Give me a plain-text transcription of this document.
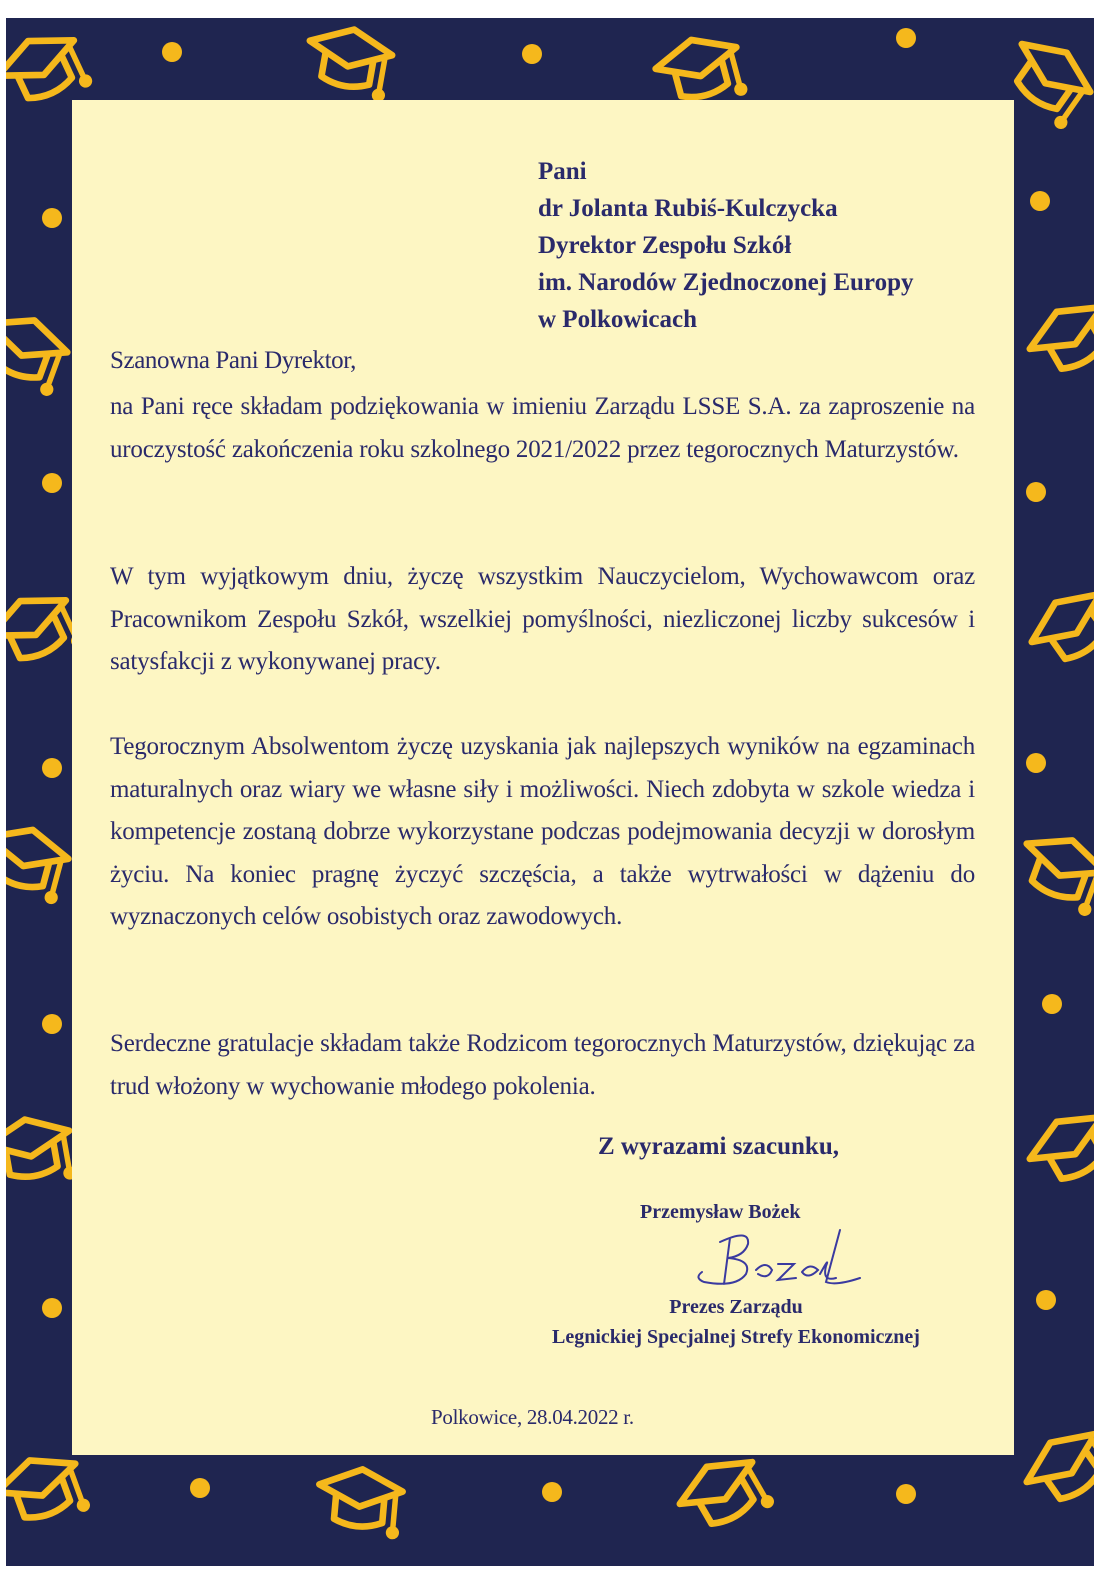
Pani
dr Jolanta Rubiś-Kulczycka
Dyrektor Zespołu Szkół
im. Narodów Zjednoczonej Europy
w Polkowicach
Szanowna Pani Dyrektor,
na Pani ręce składam podziękowania w imieniu Zarządu LSSE S.A. za zaproszenie na uroczystość zakończenia roku szkolnego 2021/2022 przez tegorocznych Maturzystów.
W tym wyjątkowym dniu, życzę wszystkim Nauczycielom, Wychowawcom oraz Pracownikom Zespołu Szkół, wszelkiej pomyślności, niezliczonej liczby sukcesów i satysfakcji z wykonywanej pracy.
Tegorocznym Absolwentom życzę uzyskania jak najlepszych wyników na egzaminach maturalnych oraz wiary we własne siły i możliwości. Niech zdobyta w szkole wiedza i kompetencje zostaną dobrze wykorzystane podczas podejmowania decyzji w dorosłym życiu. Na koniec pragnę życzyć szczęścia, a także wytrwałości w dążeniu do wyznaczonych celów osobistych oraz zawodowych.
Serdeczne gratulacje składam także Rodzicom tegorocznych Maturzystów, dziękując za trud włożony w wychowanie młodego pokolenia.
Z wyrazami szacunku,
Przemysław Bożek
Prezes Zarządu
Legnickiej Specjalnej Strefy Ekonomicznej
Polkowice, 28.04.2022 r.
